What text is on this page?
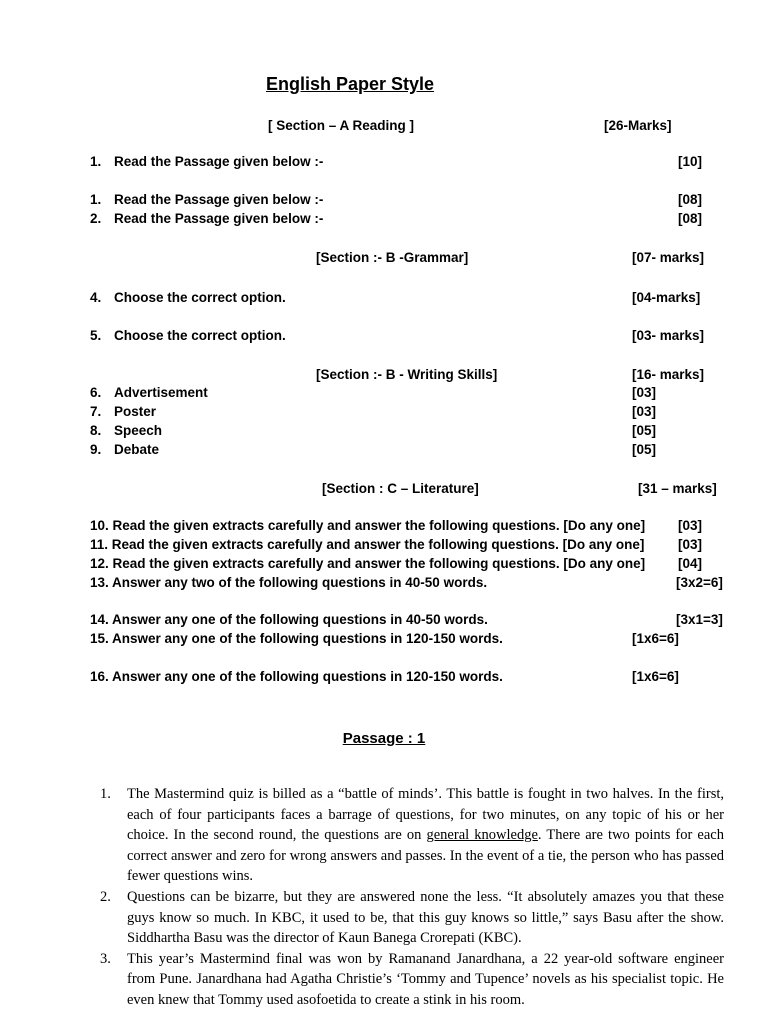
English Paper Style
[ Section – A Reading ]	[26-Marks]
1. Read the Passage given below :-	[10]
1. Read the Passage given below :-	[08]
2. Read the Passage given below :-	[08]
[Section :- B -Grammar]	[07- marks]
4. Choose the correct option.	[04-marks]
5. Choose the correct option.	[03- marks]
[Section :- B - Writing Skills]	[16- marks]
6. Advertisement	[03]
7. Poster	[03]
8. Speech	[05]
9. Debate	[05]
[Section : C – Literature]	[31 – marks]
10. Read the given extracts carefully and answer the following questions. [Do any one] [03]
11. Read the given extracts carefully and answer the following questions. [Do any one] [03]
12. Read the given extracts carefully and answer the following questions. [Do any one] [04]
13. Answer any two of the following questions in 40-50 words.	[3x2=6]
14. Answer any one of the following questions in 40-50 words.	[3x1=3]
15. Answer any one of the following questions in 120-150 words.	[1x6=6]
16. Answer any one of the following questions in 120-150 words.	[1x6=6]
Passage : 1
1.	The Mastermind quiz is billed as a “battle of minds’. This battle is fought in two halves. In the first, each of four participants faces a barrage of questions, for two minutes, on any topic of his or her choice. In the second round, the questions are on general knowledge. There are two points for each correct answer and zero for wrong answers and passes. In the event of a tie, the person who has passed fewer questions wins.
2.	Questions can be bizarre, but they are answered none the less. “It absolutely amazes you that these guys know so much. In KBC, it used to be, that this guy knows so little,” says Basu after the show. Siddhartha Basu was the director of Kaun Banega Crorepati (KBC).
3.	This year’s Mastermind final was won by Ramanand Janardhana, a 22 year-old software engineer from Pune. Janardhana had Agatha Christie’s ‘Tommy and Tupence’ novels as his specialist topic. He even knew that Tommy used asofoetida to create a stink in his room.
